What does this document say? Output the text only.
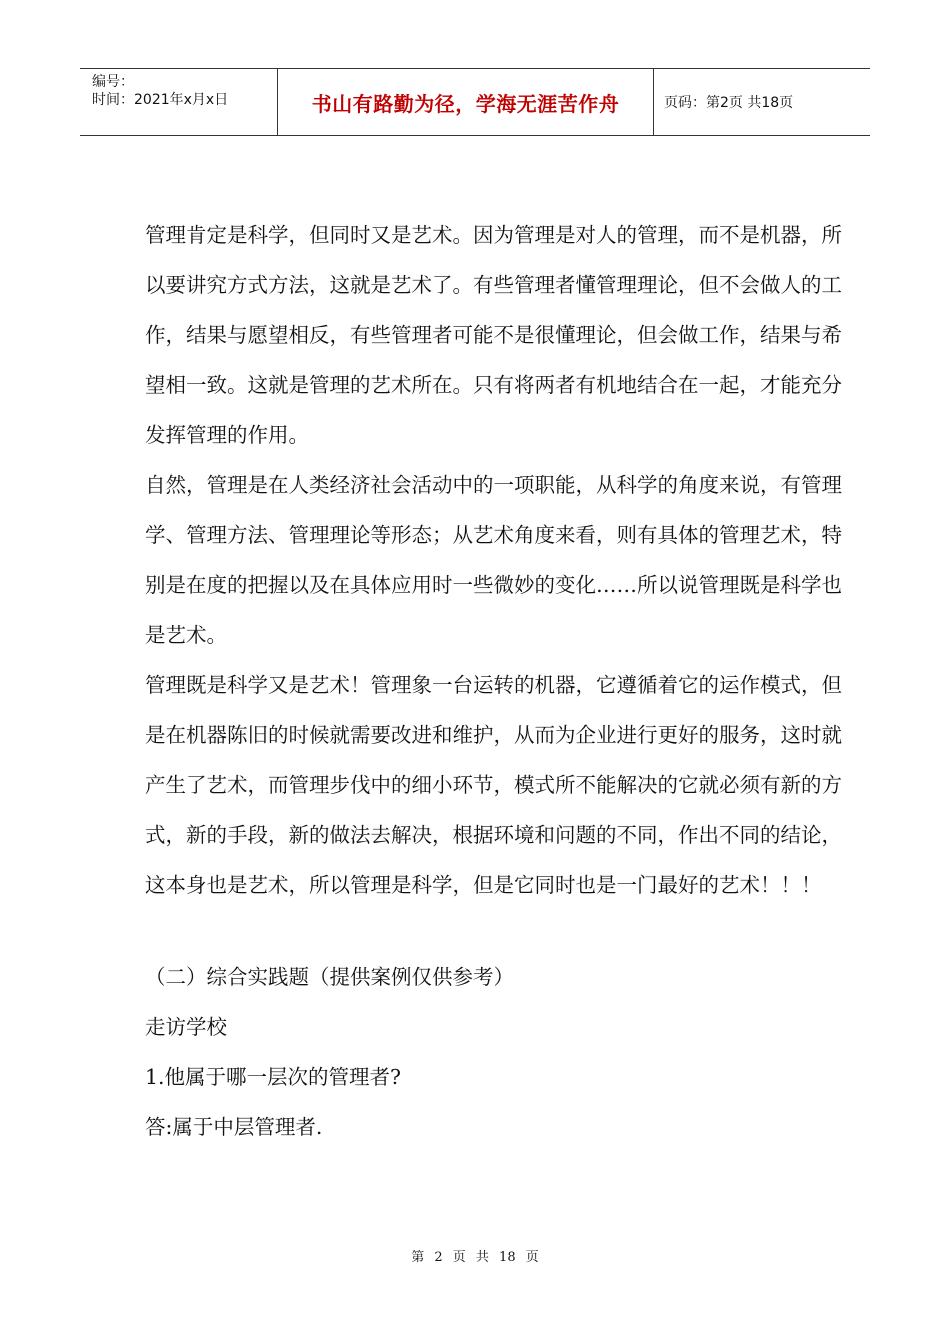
编号：
时间：2021年x月x日	书山有路勤为径，学海无涯苦作舟	页码：第2页 共18页

管理肯定是科学，但同时又是艺术。因为管理是对人的管理，而不是机器，所以要讲究方式方法，这就是艺术了。有些管理者懂管理理论，但不会做人的工作，结果与愿望相反，有些管理者可能不是很懂理论，但会做工作，结果与希望相一致。这就是管理的艺术所在。只有将两者有机地结合在一起，才能充分发挥管理的作用。

自然，管理是在人类经济社会活动中的一项职能，从科学的角度来说，有管理学、管理方法、管理理论等形态；从艺术角度来看，则有具体的管理艺术，特别是在度的把握以及在具体应用时一些微妙的变化……所以说管理既是科学也是艺术。

管理既是科学又是艺术！管理象一台运转的机器，它遵循着它的运作模式，但是在机器陈旧的时候就需要改进和维护，从而为企业进行更好的服务，这时就产生了艺术，而管理步伐中的细小环节，模式所不能解决的它就必须有新的方式，新的手段，新的做法去解决，根据环境和问题的不同，作出不同的结论，这本身也是艺术，所以管理是科学，但是它同时也是一门最好的艺术！！！

（二）综合实践题（提供案例仅供参考）

走访学校

1.他属于哪一层次的管理者?

答:属于中层管理者.

第 2 页 共 18 页
